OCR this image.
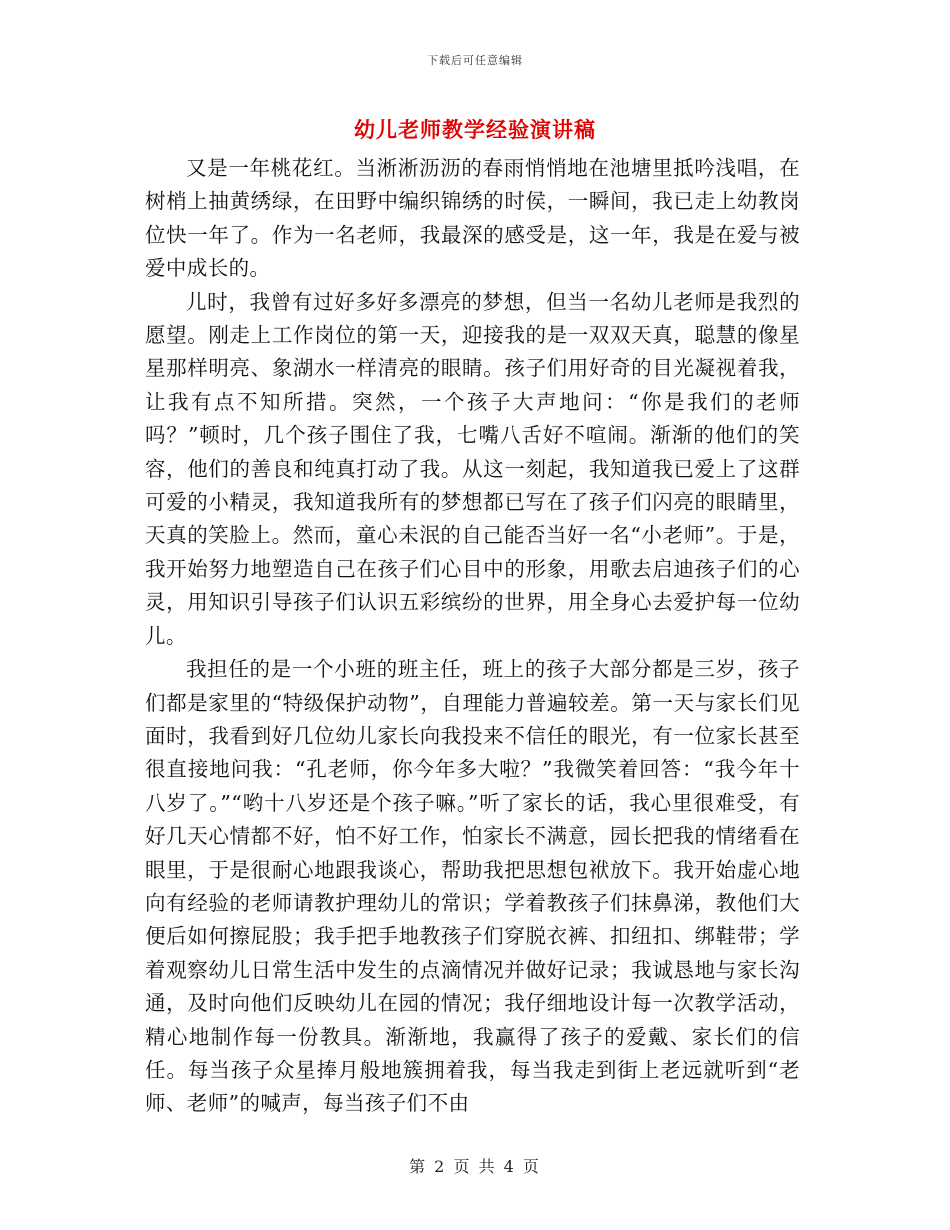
下载后可任意编辑
幼儿老师教学经验演讲稿

又是一年桃花红。当淅淅沥沥的春雨悄悄地在池塘里抵吟浅唱，在树梢上抽黄绣绿，在田野中编织锦绣的时侯，一瞬间，我已走上幼教岗位快一年了。作为一名老师，我最深的感受是，这一年，我是在爱与被爱中成长的。

儿时，我曾有过好多好多漂亮的梦想，但当一名幼儿老师是我烈的愿望。刚走上工作岗位的第一天，迎接我的是一双双天真，聪慧的像星星那样明亮、象湖水一样清亮的眼睛。孩子们用好奇的目光凝视着我，让我有点不知所措。突然，一个孩子大声地问：“你是我们的老师吗？”顿时，几个孩子围住了我，七嘴八舌好不喧闹。渐渐的他们的笑容，他们的善良和纯真打动了我。从这一刻起，我知道我已爱上了这群可爱的小精灵，我知道我所有的梦想都已写在了孩子们闪亮的眼睛里，天真的笑脸上。然而，童心未泯的自己能否当好一名“小老师”。于是，我开始努力地塑造自己在孩子们心目中的形象，用歌去启迪孩子们的心灵，用知识引导孩子们认识五彩缤纷的世界，用全身心去爱护每一位幼儿。

我担任的是一个小班的班主任，班上的孩子大部分都是三岁，孩子们都是家里的“特级保护动物”，自理能力普遍较差。第一天与家长们见面时，我看到好几位幼儿家长向我投来不信任的眼光，有一位家长甚至很直接地问我：“孔老师，你今年多大啦？”我微笑着回答：“我今年十八岁了。”“哟十八岁还是个孩子嘛。”听了家长的话，我心里很难受，有好几天心情都不好，怕不好工作，怕家长不满意，园长把我的情绪看在眼里，于是很耐心地跟我谈心，帮助我把思想包袱放下。我开始虚心地向有经验的老师请教护理幼儿的常识；学着教孩子们抹鼻涕，教他们大便后如何擦屁股；我手把手地教孩子们穿脱衣裤、扣纽扣、绑鞋带；学着观察幼儿日常生活中发生的点滴情况并做好记录；我诚恳地与家长沟通，及时向他们反映幼儿在园的情况；我仔细地设计每一次教学活动，精心地制作每一份教具。渐渐地，我赢得了孩子的爱戴、家长们的信任。每当孩子众星捧月般地簇拥着我，每当我走到街上老远就听到“老师、老师”的喊声，每当孩子们不由

第 2 页 共 4 页
